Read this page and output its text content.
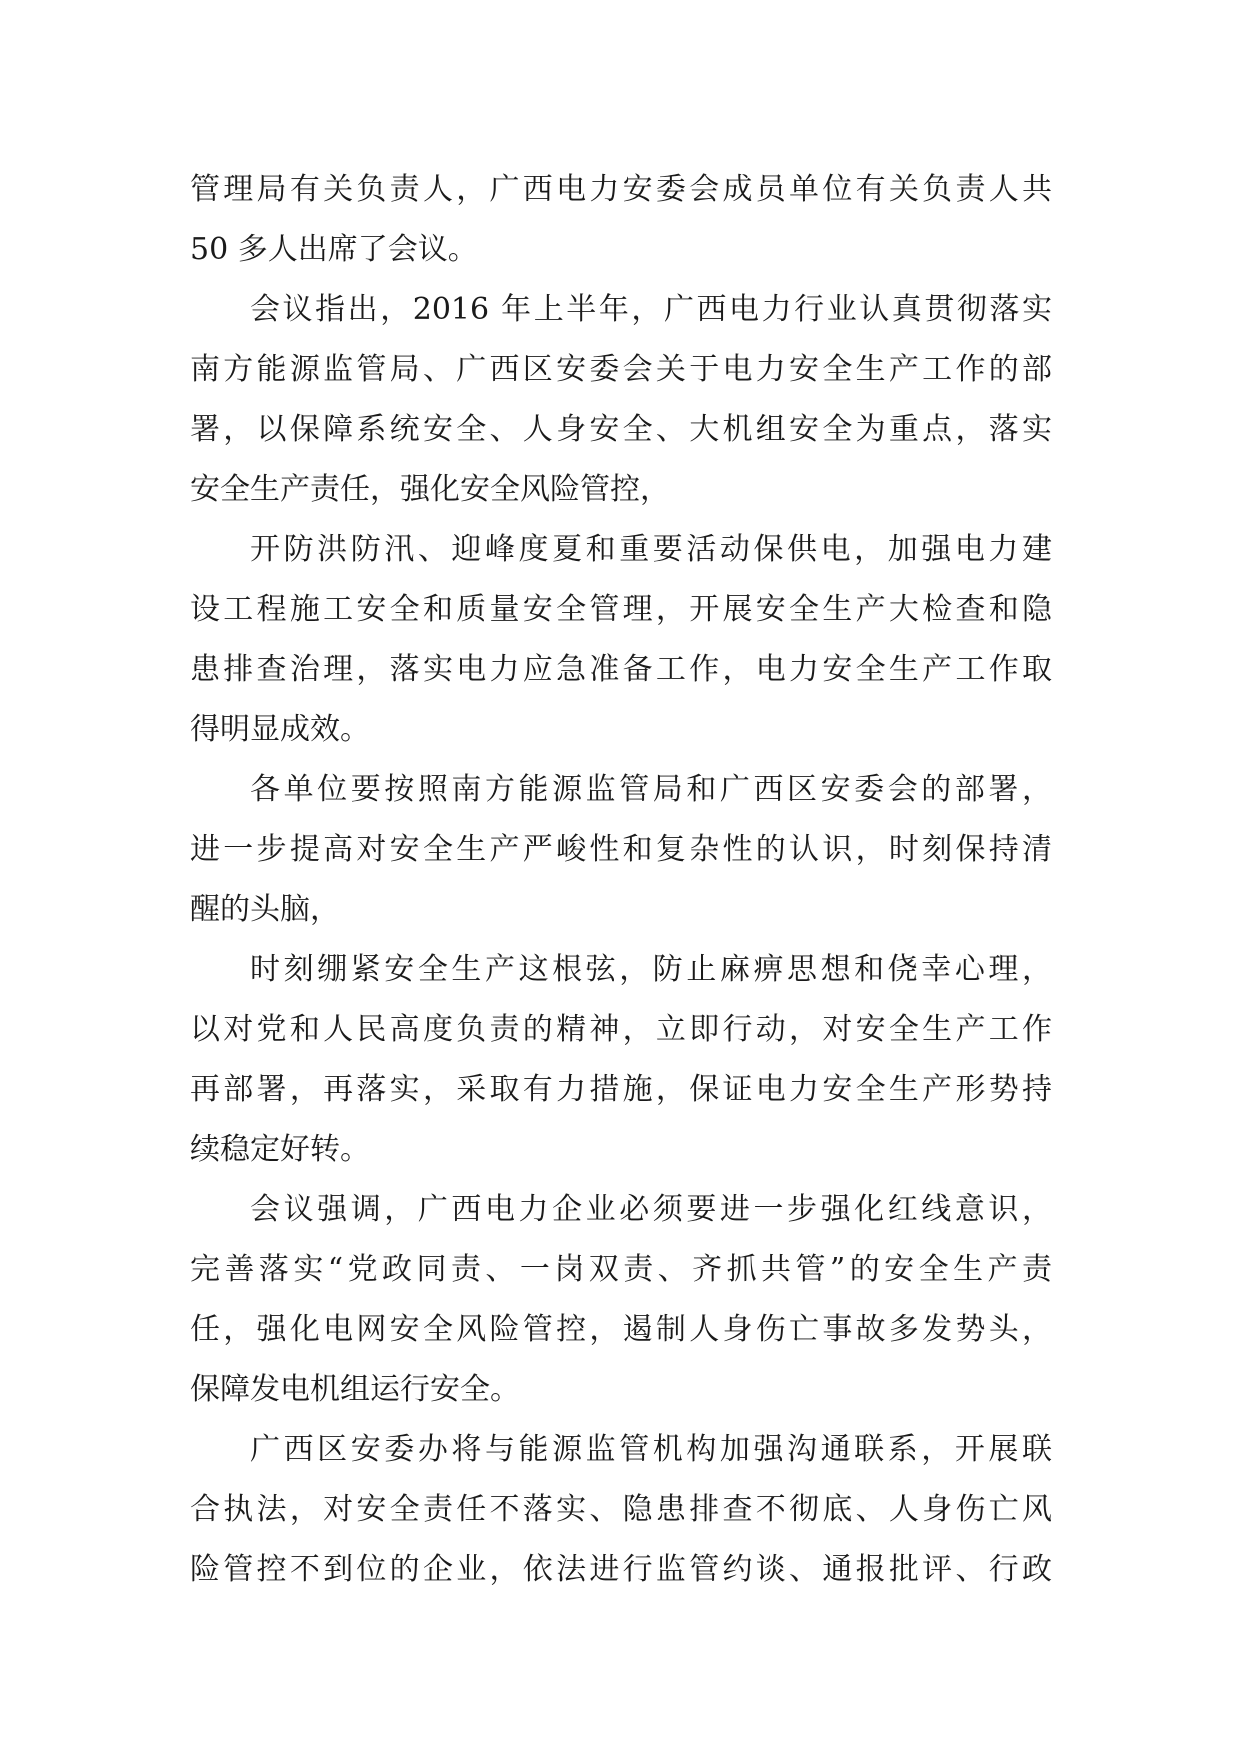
管理局有关负责人，广西电力安委会成员单位有关负责人共
50 多人出席了会议。
会议指出，2016 年上半年，广西电力行业认真贯彻落实
南方能源监管局、广西区安委会关于电力安全生产工作的部
署，以保障系统安全、人身安全、大机组安全为重点，落实
安全生产责任，强化安全风险管控，
开防洪防汛、迎峰度夏和重要活动保供电，加强电力建
设工程施工安全和质量安全管理，开展安全生产大检查和隐
患排查治理，落实电力应急准备工作，电力安全生产工作取
得明显成效。
各单位要按照南方能源监管局和广西区安委会的部署，
进一步提高对安全生产严峻性和复杂性的认识，时刻保持清
醒的头脑，
时刻绷紧安全生产这根弦，防止麻痹思想和侥幸心理，
以对党和人民高度负责的精神，立即行动，对安全生产工作
再部署，再落实，采取有力措施，保证电力安全生产形势持
续稳定好转。
会议强调，广西电力企业必须要进一步强化红线意识，
完善落实“党政同责、一岗双责、齐抓共管”的安全生产责
任，强化电网安全风险管控，遏制人身伤亡事故多发势头，
保障发电机组运行安全。
广西区安委办将与能源监管机构加强沟通联系，开展联
合执法，对安全责任不落实、隐患排查不彻底、人身伤亡风
险管控不到位的企业，依法进行监管约谈、通报批评、行政
